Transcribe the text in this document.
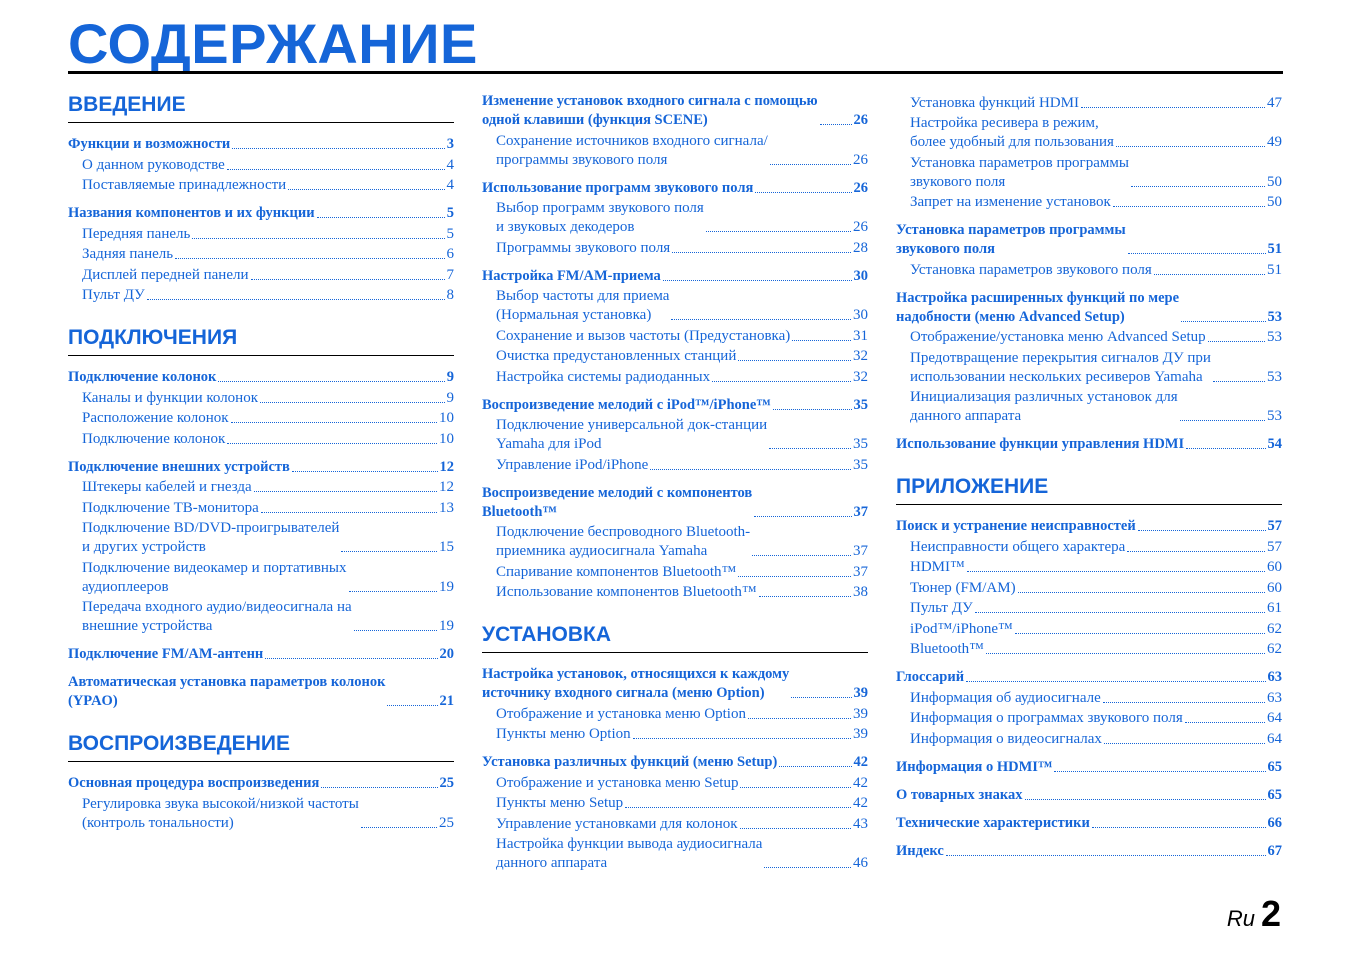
СОДЕРЖАНИЕ
ВВЕДЕНИЕ
Функции и возможности	3
О данном руководстве	4
Поставляемые принадлежности	4
Названия компонентов и их функции	5
Передняя панель	5
Задняя панель	6
Дисплей передней панели	7
Пульт ДУ	8
ПОДКЛЮЧЕНИЯ
Подключение колонок	9
Каналы и функции колонок	9
Расположение колонок	10
Подключение колонок	10
Подключение внешних устройств	12
Штекеры кабелей и гнезда	12
Подключение ТВ-монитора	13
Подключение BD/DVD-проигрывателей
и других устройств	15
Подключение видеокамер и портативных
аудиоплееров	19
Передача входного аудио/видеосигнала на
внешние устройства	19
Подключение FM/AM-антенн	20
Автоматическая установка параметров колонок
(YPAO)	21
ВОСПРОИЗВЕДЕНИЕ
Основная процедура воспроизведения	25
Регулировка звука высокой/низкой частоты
(контроль тональности)	25
Изменение установок входного сигнала с помощью
одной клавиши (функция SCENE)	26
Сохранение источников входного сигнала/
программы звукового поля	26
Использование программ звукового поля	26
Выбор программ звукового поля
и звуковых декодеров	26
Программы звукового поля	28
Настройка FM/AM-приема	30
Выбор частоты для приема
(Нормальная установка)	30
Сохранение и вызов частоты (Предустановка)	31
Очистка предустановленных станций	32
Настройка системы радиоданных	32
Воспроизведение мелодий с iPod™/iPhone™	35
Подключение универсальной док-станции
Yamaha для iPod	35
Управление iPod/iPhone	35
Воспроизведение мелодий с компонентов
Bluetooth™	37
Подключение беспроводного Bluetooth-
приемника аудиосигнала Yamaha	37
Спаривание компонентов Bluetooth™	37
Использование компонентов Bluetooth™	38
УСТАНОВКА
Настройка установок, относящихся к каждому
источнику входного сигнала (меню Option)	39
Отображение и установка меню Option	39
Пункты меню Option	39
Установка различных функций (меню Setup)	42
Отображение и установка меню Setup	42
Пункты меню Setup	42
Управление установками для колонок	43
Настройка функции вывода аудиосигнала
данного аппарата	46
Установка функций HDMI	47
Настройка ресивера в режим,
более удобный для пользования	49
Установка параметров программы
звукового поля	50
Запрет на изменение установок	50
Установка параметров программы
звукового поля	51
Установка параметров звукового поля	51
Настройка расширенных функций по мере
надобности (меню Advanced Setup)	53
Отображение/установка меню Advanced Setup	53
Предотвращение перекрытия сигналов ДУ при
использовании нескольких ресиверов Yamaha	53
Инициализация различных установок для
данного аппарата	53
Использование функции управления HDMI	54
ПРИЛОЖЕНИЕ
Поиск и устранение неисправностей	57
Неисправности общего характера	57
HDMI™	60
Тюнер (FM/AM)	60
Пульт ДУ	61
iPod™/iPhone™	62
Bluetooth™	62
Глоссарий	63
Информация об аудиосигнале	63
Информация о программах звукового поля	64
Информация о видеосигналах	64
Информация о HDMI™	65
О товарных знаках	65
Технические характеристики	66
Индекс	67
Ru 2
